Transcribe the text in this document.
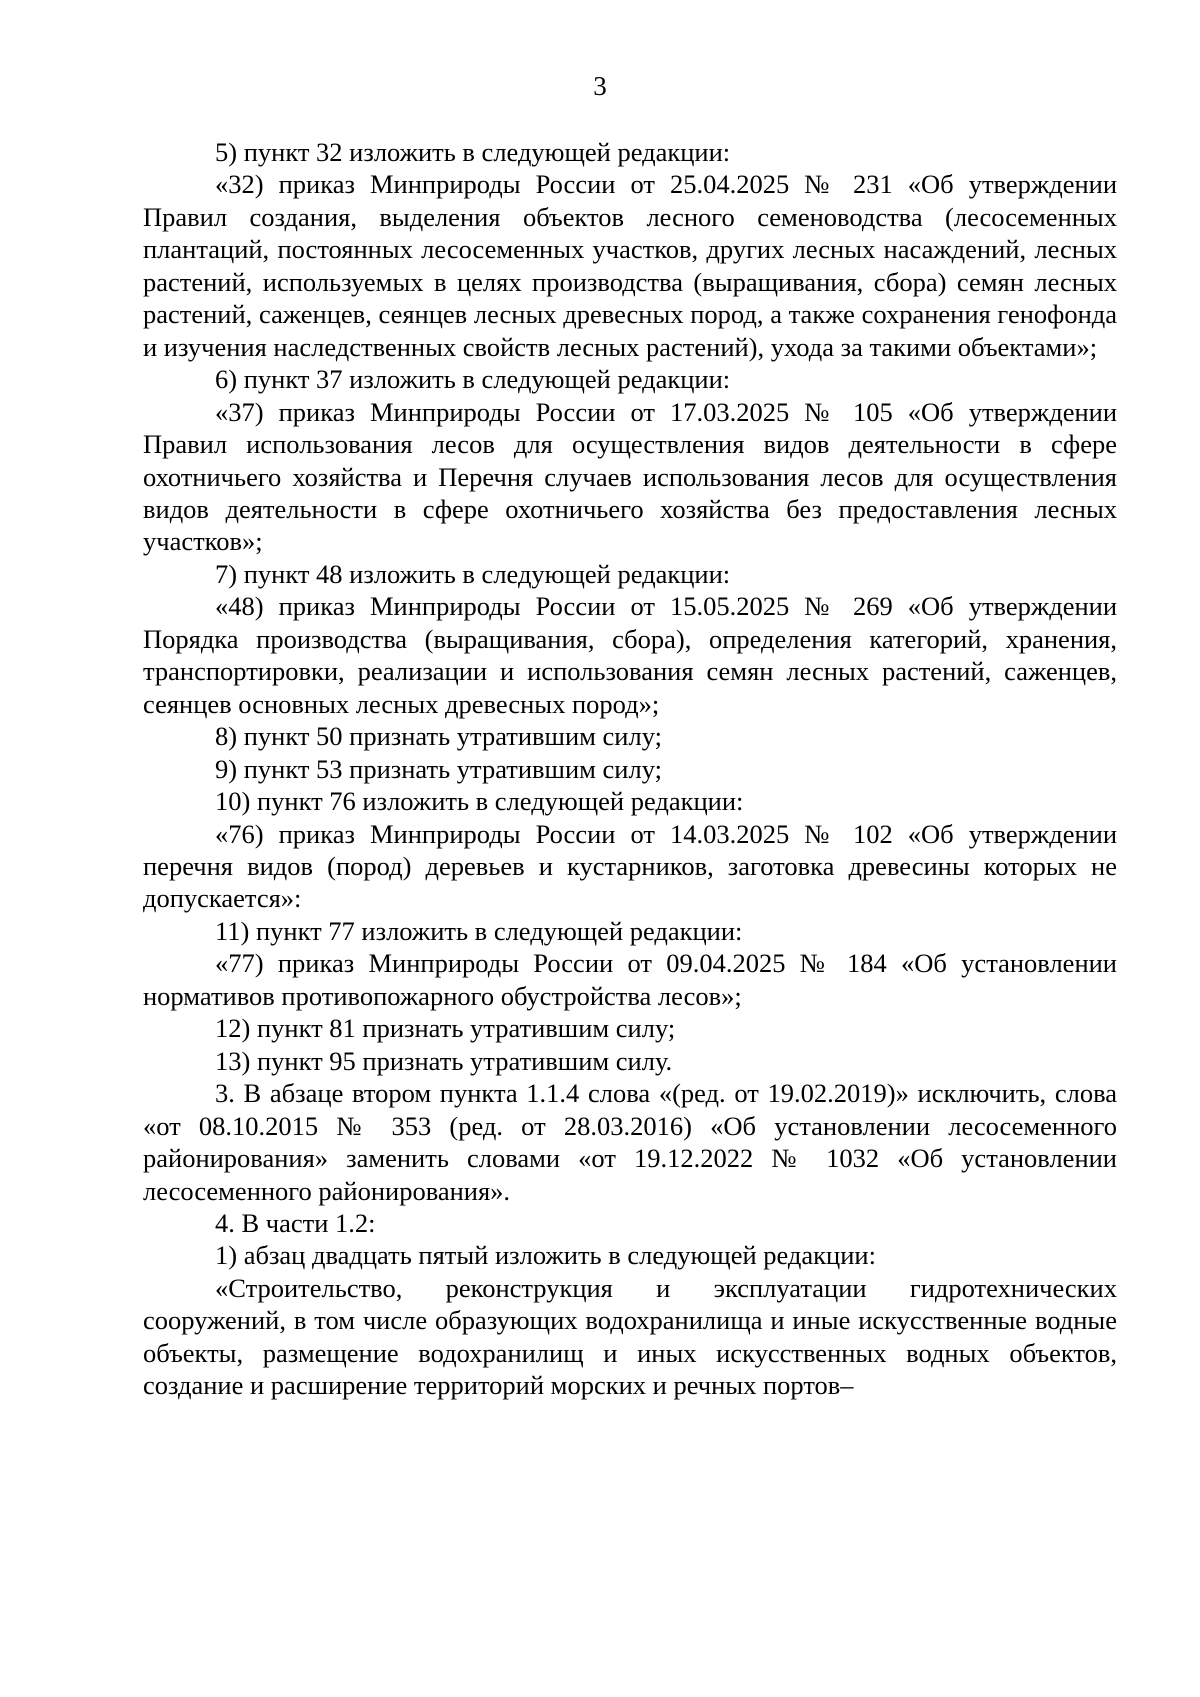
3

5) пункт 32 изложить в следующей редакции:

«32) приказ Минприроды России от 25.04.2025 № 231 «Об утверждении Правил создания, выделения объектов лесного семеноводства (лесосеменных плантаций, постоянных лесосеменных участков, других лесных насаждений, лесных растений, используемых в целях производства (выращивания, сбора) семян лесных растений, саженцев, сеянцев лесных древесных пород, а также сохранения генофонда и изучения наследственных свойств лесных растений), ухода за такими объектами»;

6) пункт 37 изложить в следующей редакции:

«37) приказ Минприроды России от 17.03.2025 № 105 «Об утверждении Правил использования лесов для осуществления видов деятельности в сфере охотничьего хозяйства и Перечня случаев использования лесов для осуществления видов деятельности в сфере охотничьего хозяйства без предоставления лесных участков»;

7) пункт 48 изложить в следующей редакции:

«48) приказ Минприроды России от 15.05.2025 № 269 «Об утверждении Порядка производства (выращивания, сбора), определения категорий, хранения, транспортировки, реализации и использования семян лесных растений, саженцев, сеянцев основных лесных древесных пород»;

8) пункт 50 признать утратившим силу;

9) пункт 53 признать утратившим силу;

10) пункт 76 изложить в следующей редакции:

«76) приказ Минприроды России от 14.03.2025 № 102 «Об утверждении перечня видов (пород) деревьев и кустарников, заготовка древесины которых не допускается»:

11) пункт 77 изложить в следующей редакции:

«77) приказ Минприроды России от 09.04.2025 № 184 «Об установлении нормативов противопожарного обустройства лесов»;

12) пункт 81 признать утратившим силу;

13) пункт 95 признать утратившим силу.

3. В абзаце втором пункта 1.1.4 слова «(ред. от 19.02.2019)» исключить, слова «от 08.10.2015 № 353 (ред. от 28.03.2016) «Об установлении лесосеменного районирования» заменить словами «от 19.12.2022 № 1032 «Об установлении лесосеменного районирования».

4. В части 1.2:

1) абзац двадцать пятый изложить в следующей редакции:

«Строительство, реконструкция и эксплуатации гидротехнических сооружений, в том числе образующих водохранилища и иные искусственные водные объекты, размещение водохранилищ и иных искусственных водных объектов, создание и расширение территорий морских и речных портов–
